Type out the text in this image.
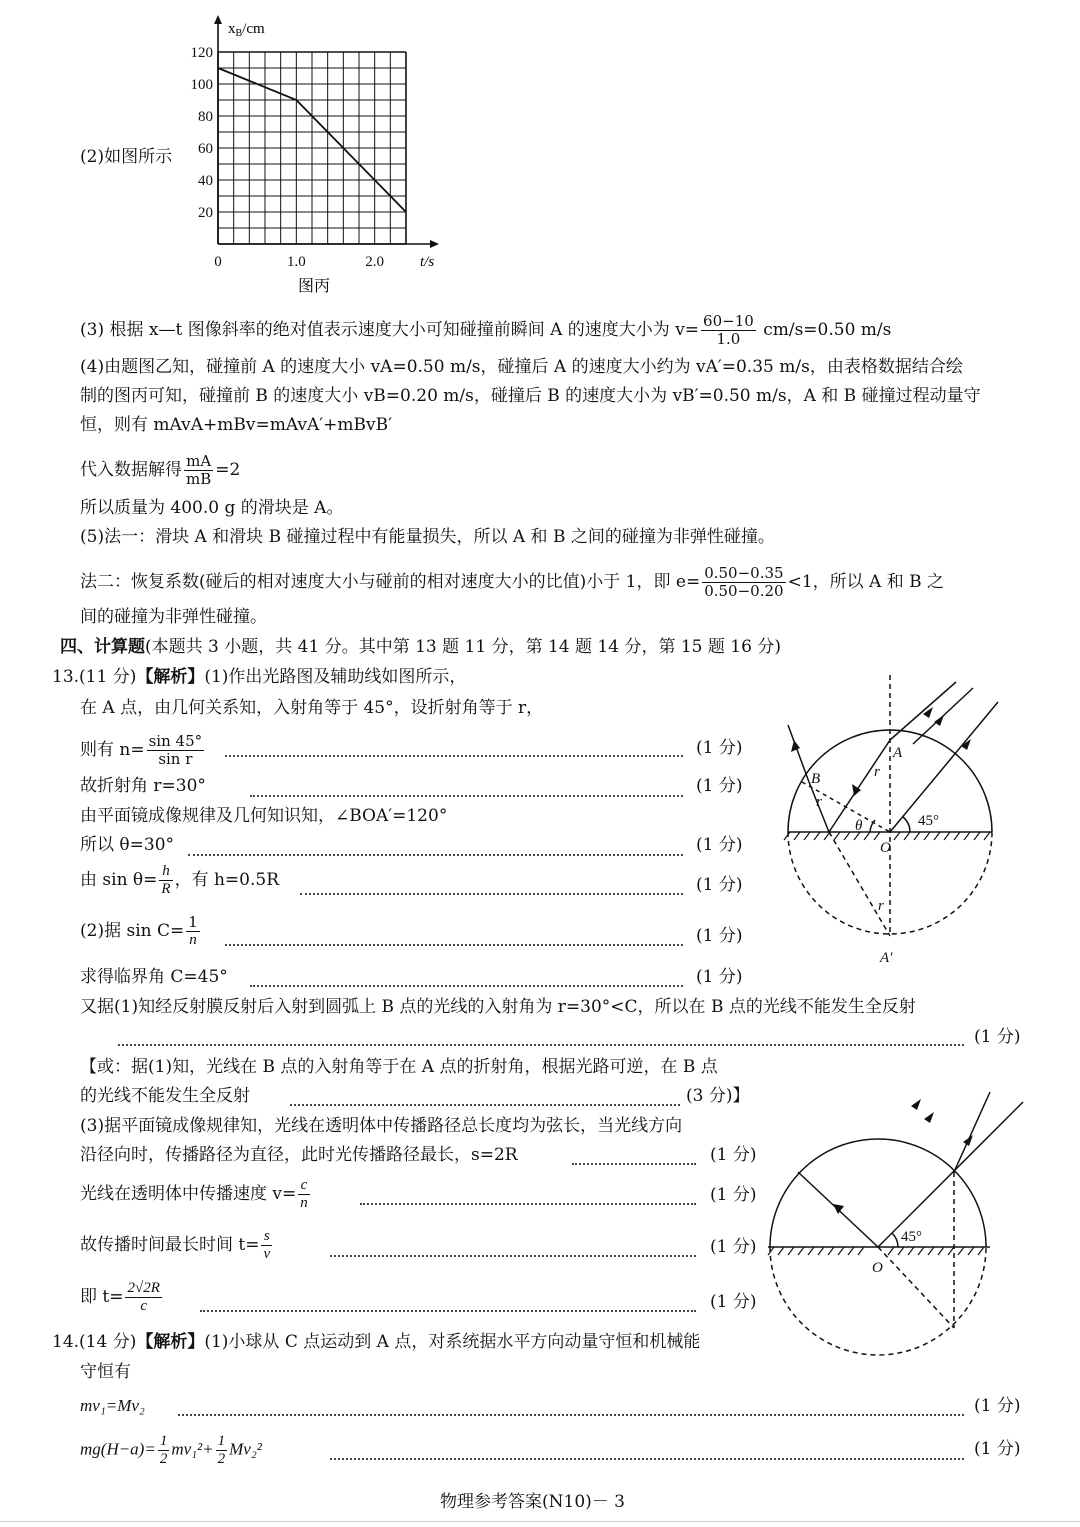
(2)如图所示
$x_B/cm$
t/s
图丙
120
100
80
60
40
20
0	1.0	2.0
(3) 根据 x—t 图像斜率的绝对值表示速度大小可知碰撞前瞬间 A 的速度大小为 $v= \frac{60-10}{1.0} cm/s=0.50$ m/s
(4)由题图乙知，碰撞前 A 的速度大小 vA=0.50 m/s，碰撞后 A 的速度大小约为 vA′=0.35 m/s，由表格数据结合绘
制的图丙可知，碰撞前 B 的速度大小 vB=0.20 m/s，碰撞后 B 的速度大小为 vB′=0.50 m/s，A 和 B 碰撞过程动量守
恒，则有 mAvA+mBv=mAvA′+mBvB′
代入数据解得 $\frac{mA}{mB} =2$
所以质量为 400.0 g 的滑块是 A。
(5)法一：滑块 A 和滑块 B 碰撞过程中有能量损失，所以 A 和 B 之间的碰撞为非弹性碰撞。
法二：恢复系数(碰后的相对速度大小与碰前的相对速度大小的比值)小于 1，即 $e= \frac{0.50-0.35}{0.50-0.20} <1$，所以 A 和 B 之
间的碰撞为非弹性碰撞。
四、计算题(本题共 3 小题，共 41 分。其中第 13 题 11 分，第 14 题 14 分，第 15 题 16 分)
13.(11 分)【解析】(1)作出光路图及辅助线如图所示，
在 A 点，由几何关系知，入射角等于 45°，设折射角等于 r，
则有 $n= \frac{\sin 45^\circ}{\text{sin r}}$	(1 分)
故折射角 r=30°	(1 分)
由平面镜成像规律及几何知识知，∠BOA′=120°
所以 θ=30°	(1 分)
由 $\sin \theta= \frac{h}{R}$ ，有 h=0.5R	(1 分)
(2)据 $\sin C= \frac{1}{n}$	(1 分)
求得临界角 C=45°	(1 分)
又据(1)知经反射膜反射后入射到圆弧上 B 点的光线的入射角为 r=30°<C，所以在 B 点的光线不能发生全反射
(1 分)
【或：据(1)知，光线在 B 点的入射角等于在 A 点的折射角，根据光路可逆，在 B 点
的光线不能发生全反射	(3 分)】
(3)据平面镜成像规律知，光线在透明体中传播路径总长度均为弦长，当光线方向
沿径向时，传播路径为直径，此时光传播路径最长，s=2R	(1 分)
光线在透明体中传播速度 $v= \frac{c}{n}$	(1 分)
故传播时间最长时间 $t= \frac{s}{v}$	(1 分)
即 $t= \frac{2√2R}{c}$	(1 分)
14.(14 分)【解析】(1)小球从 C 点运动到 A 点，对系统据水平方向动量守恒和机械能
守恒有
mv₁=Mv₂	(1 分)
$mg(H-a)= \frac{1}{2} mv_1^2+ \frac{1}{2} Mv_2^2$	(1 分)
A
B	r
r
r
θ
O
A′
45°
O
45°
物理参考答案(N10)－ 3
